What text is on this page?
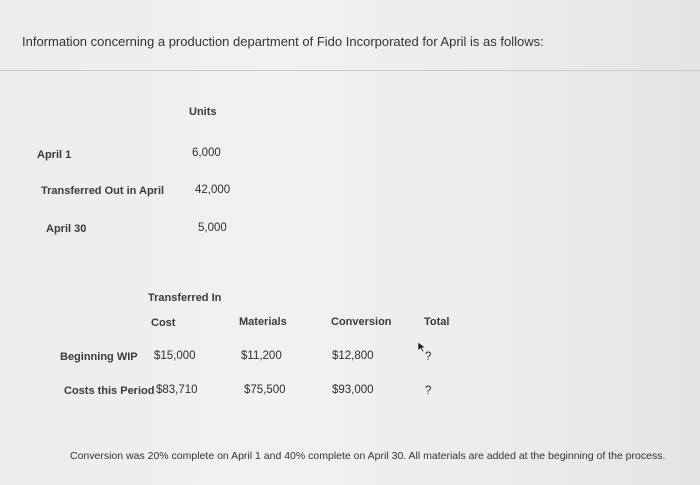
Information concerning a production department of Fido Incorporated for April is as follows:
Units
April 1	6,000
Transferred Out in April	42,000
April 30	5,000
Transferred In
Cost	Materials	Conversion	Total
Beginning WIP $15,000	$11,200	$12,800	?
Costs this Period $83,710	$75,500	$93,000	?
Conversion was 20% complete on April 1 and 40% complete on April 30. All materials are added at the beginning of the process.
